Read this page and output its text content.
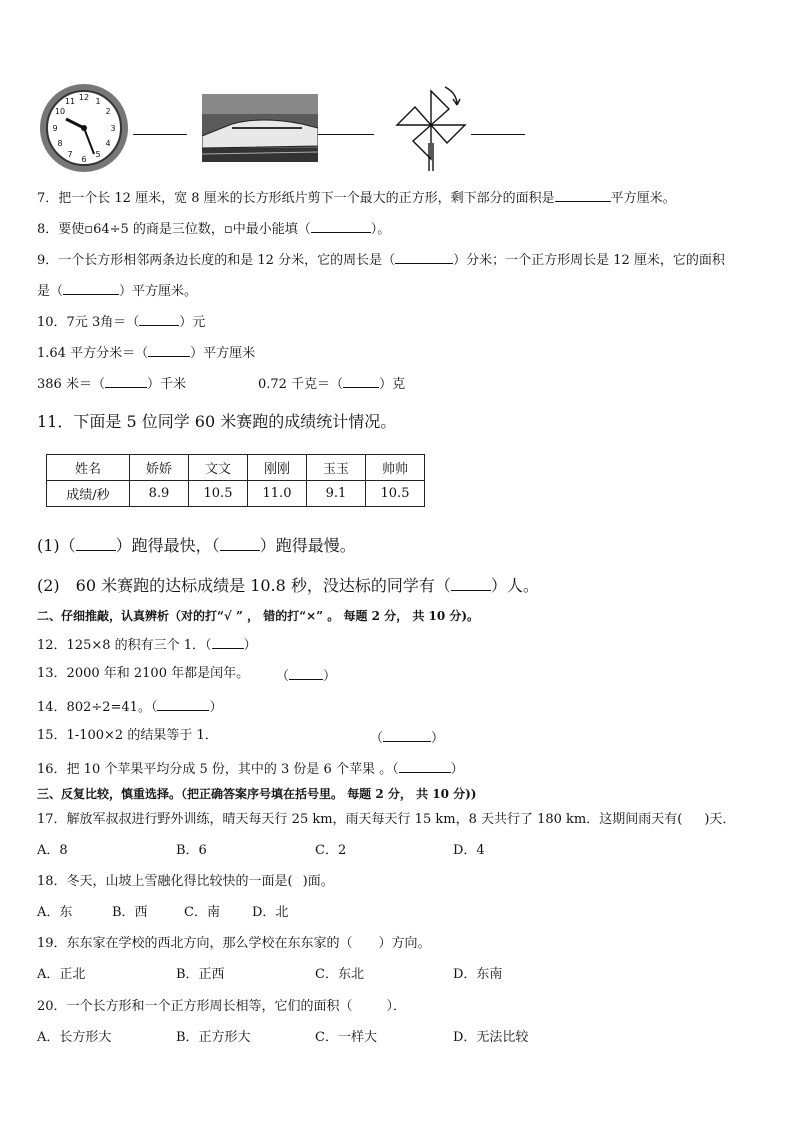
12 1
2
3
4
5
6
7
8
9
10
11
7．把一个长 12 厘米，宽 8 厘米的长方形纸片剪下一个最大的正方形，剩下部分的面积是	平方厘米。
8．要使▫64÷5 的商是三位数，▫中最小能填（	）。
9．一个长方形相邻两条边长度的和是 12 分米，它的周长是（	）分米；一个正方形周长是 12 厘米，它的面积
是（	）平方厘米。
10．7元 3角＝（	）元
1.64 平方分米＝（	）平方厘米
386 米＝（	）千米	0.72 千克＝（	）克
11．下面是 5 位同学 60 米赛跑的成绩统计情况。
姓名	娇娇	文文	刚刚	玉玉	帅帅
成绩/秒	8.9	10.5	11.0	9.1	10.5
(1)（	）跑得最快，（	）跑得最慢。
(2)　60 米赛跑的达标成绩是 10.8 秒，没达标的同学有（	）人。
二、仔细推敲，认真辨析（对的打“√ ” ， 错的打“×” 。 每题 2 分， 共 10 分)。
12．125×8 的积有三个 1．（ ）
13．2000 年和 2100 年都是闰年。 （	）
14．802÷2=41。（	）
15．1-100×2 的结果等于 1．	（	）
16．把 10 个苹果平均分成 5 份，其中的 3 份是 6 个苹果 。（	）
三、反复比较，慎重选择。（把正确答案序号填在括号里。 每题 2 分， 共 10 分))
17．解放军叔叔进行野外训练，晴天每天行 25 km，雨天每天行 15 km，8 天共行了 180 km．这期间雨天有( )天．
A．8	B．6	C．2	D．4
18．冬天，山坡上雪融化得比较快的一面是( )面。
A．东	B．西	C．南 D．北
19．东东家在学校的西北方向，那么学校在东东家的（ ）方向。
A．正北	B．正西	C．东北	D．东南
20．一个长方形和一个正方形周长相等，它们的面积（	）．
A．长方形大	B．正方形大	C．一样大	D．无法比较
